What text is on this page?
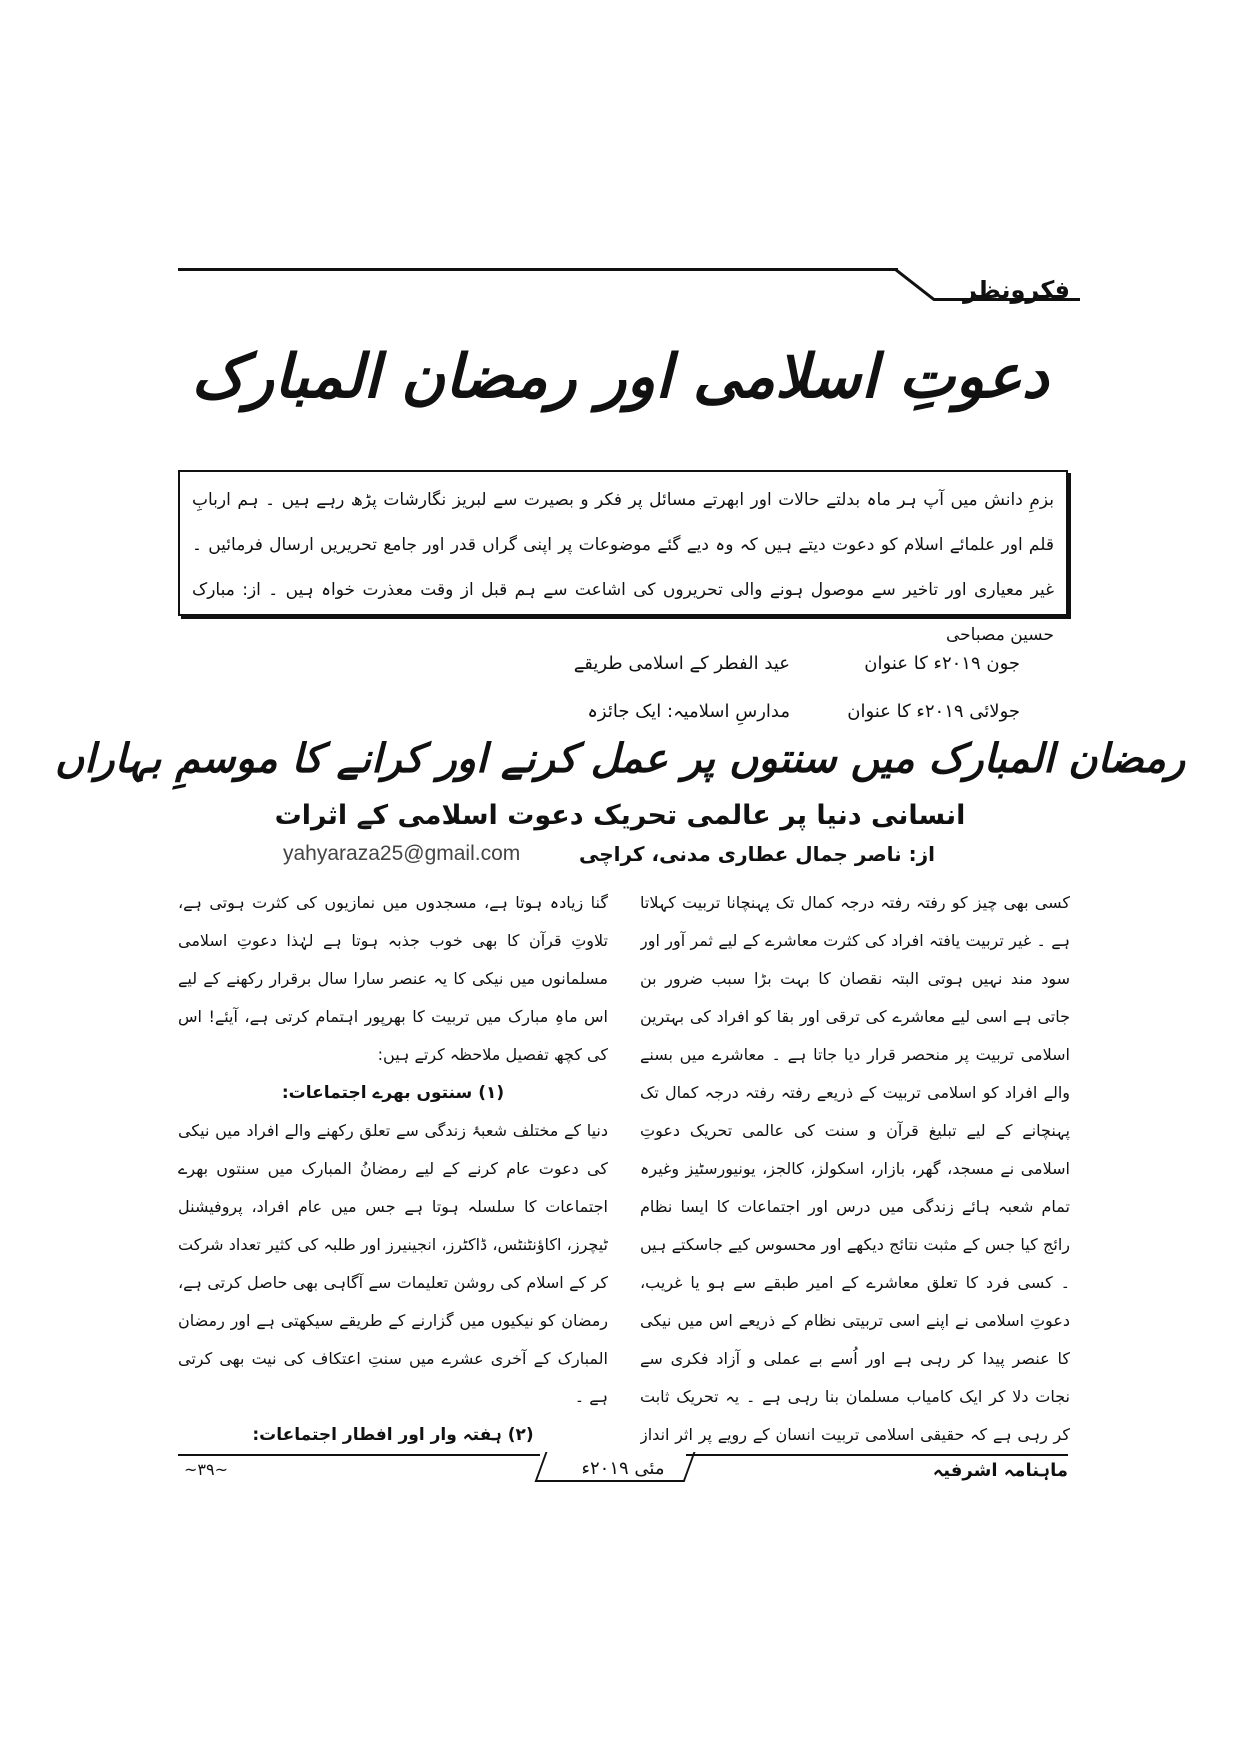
فکرونظر
دعوتِ اسلامی اور رمضان المبارک
بزمِ دانش میں آپ ہر ماہ بدلتے حالات اور ابھرتے مسائل پر فکر و بصیرت سے لبریز نگارشات پڑھ رہے ہیں ۔ ہم اربابِ قلم اور علمائے اسلام کو دعوت دیتے ہیں کہ وہ دیے گئے موضوعات پر اپنی گراں قدر اور جامع تحریریں ارسال فرمائیں ۔ غیر معیاری اور تاخیر سے موصول ہونے والی تحریروں کی اشاعت سے ہم قبل از وقت معذرت خواہ ہیں ۔ از: مبارک حسین مصباحی
جون ۲۰۱۹ء کا عنوان
عید الفطر کے اسلامی طریقے
جولائی ۲۰۱۹ء کا عنوان
مدارسِ اسلامیہ: ایک جائزہ
رمضان المبارک میں سنتوں پر عمل کرنے اور کرانے کا موسمِ بہاراں
انسانی دنیا پر عالمی تحریک دعوت اسلامی کے اثرات
از: ناصر جمال عطاری مدنی، کراچی
yahyaraza25@gmail.com

کسی بھی چیز کو رفتہ رفتہ درجہ کمال تک پہنچانا تربیت کہلاتا ہے ۔ غیر تربیت یافتہ افراد کی کثرت معاشرے کے لیے ثمر آور اور سود مند نہیں ہوتی البتہ نقصان کا بہت بڑا سبب ضرور بن جاتی ہے اسی لیے معاشرے کی ترقی اور بقا کو افراد کی بہترین اسلامی تربیت پر منحصر قرار دیا جاتا ہے ۔ معاشرے میں بسنے والے افراد کو اسلامی تربیت کے ذریعے رفتہ رفتہ درجہ کمال تک پہنچانے کے لیے تبلیغ قرآن و سنت کی عالمی تحریک دعوتِ اسلامی نے مسجد، گھر، بازار، اسکولز، کالجز، یونیورسٹیز وغیرہ تمام شعبہ ہائے زندگی میں درس اور اجتماعات کا ایسا نظام رائج کیا جس کے مثبت نتائج دیکھے اور محسوس کیے جاسکتے ہیں ۔ کسی فرد کا تعلق معاشرے کے امیر طبقے سے ہو یا غریب، دعوتِ اسلامی نے اپنے اسی تربیتی نظام کے ذریعے اس میں نیکی کا عنصر پیدا کر رہی ہے اور اُسے بے عملی و آزاد فکری سے نجات دلا کر ایک کامیاب مسلمان بنا رہی ہے ۔ یہ تحریک ثابت کر رہی ہے کہ حقیقی اسلامی تربیت انسان کے رویے پر اثر انداز

گنا زیادہ ہوتا ہے، مسجدوں میں نمازیوں کی کثرت ہوتی ہے، تلاوتِ قرآن کا بھی خوب جذبہ ہوتا ہے لہٰذا دعوتِ اسلامی مسلمانوں میں نیکی کا یہ عنصر سارا سال برقرار رکھنے کے لیے اس ماہِ مبارک میں تربیت کا بھرپور اہتمام کرتی ہے، آیئے! اس کی کچھ تفصیل ملاحظہ کرتے ہیں:

(۱) سنتوں بھرے اجتماعات:

دنیا کے مختلف شعبۂ زندگی سے تعلق رکھنے والے افراد میں نیکی کی دعوت عام کرنے کے لیے رمضانُ المبارک میں سنتوں بھرے اجتماعات کا سلسلہ ہوتا ہے جس میں عام افراد، پروفیشنل ٹیچرز، اکاؤنٹنٹس، ڈاکٹرز، انجینیرز اور طلبہ کی کثیر تعداد شرکت کر کے اسلام کی روشن تعلیمات سے آگاہی بھی حاصل کرتی ہے، رمضان کو نیکیوں میں گزارنے کے طریقے سیکھتی ہے اور رمضان المبارک کے آخری عشرے میں سنتِ اعتکاف کی نیت بھی کرتی ہے ۔

(۲) ہفتہ وار اور افطار اجتماعات:

ماہنامہ اشرفیہ
مئی ۲۰۱۹ء
~۳۹~
